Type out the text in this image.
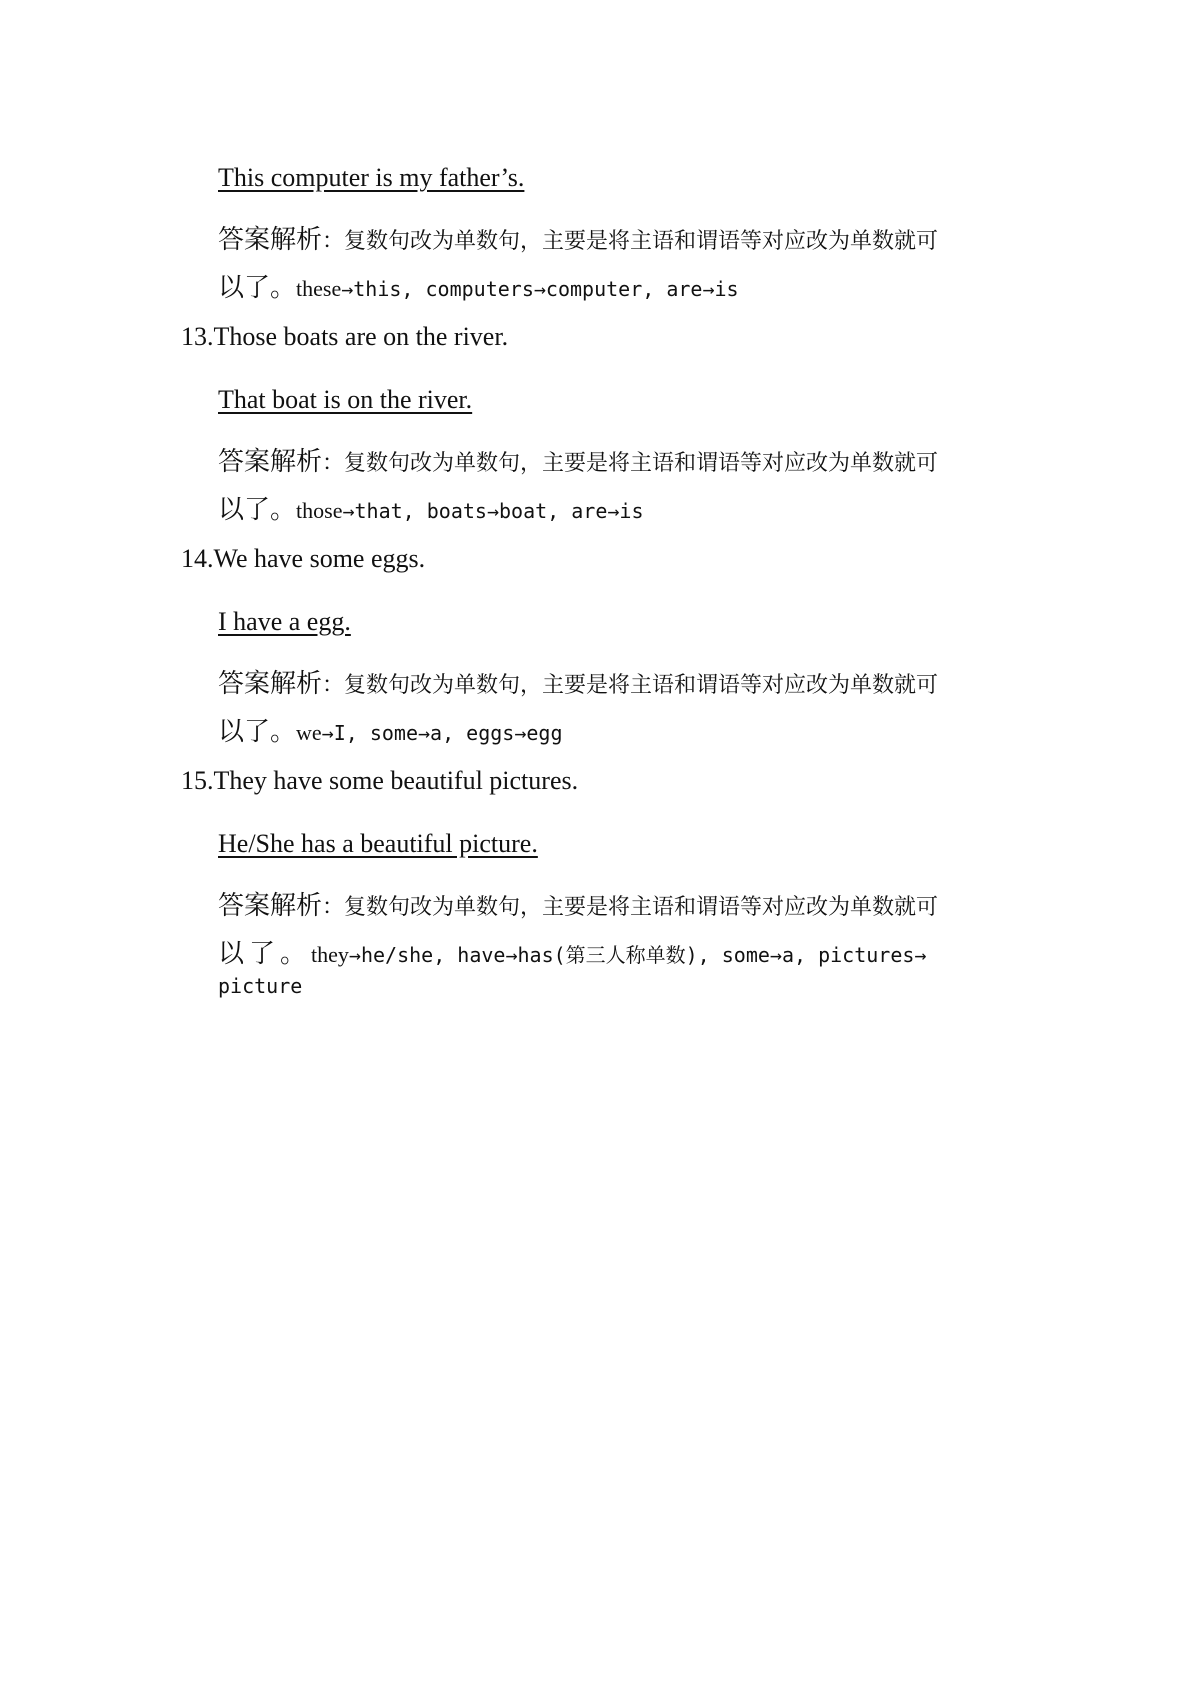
This computer is my father’s.
答案解析：复数句改为单数句，主要是将主语和谓语等对应改为单数就可
以了。these→this, computers→computer, are→is
13.Those boats are on the river.
That boat is on the river.
答案解析：复数句改为单数句，主要是将主语和谓语等对应改为单数就可
以了。those→that, boats→boat, are→is
14.We have some eggs.
I have a egg.
答案解析：复数句改为单数句，主要是将主语和谓语等对应改为单数就可
以了。we→I, some→a, eggs→egg
15.They have some beautiful pictures.
He/She has a beautiful picture.
答案解析：复数句改为单数句，主要是将主语和谓语等对应改为单数就可
以了。they→he/she, have→has(第三人称单数), some→a, pictures→
picture
